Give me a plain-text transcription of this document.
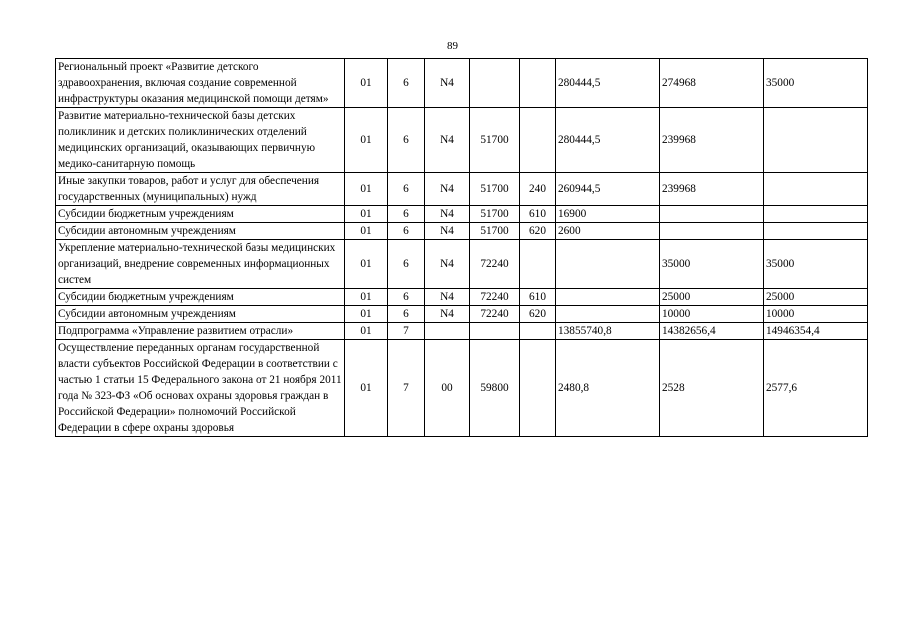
89
Региональный проект «Развитие детского здравоохранения, включая создание современной инфраструктуры оказания медицинской помощи детям»	01	6	N4			280444,5	274968	35000
Развитие материально-технической базы детских поликлиник и детских поликлинических отделений медицинских организаций, оказывающих первичную медико-санитарную помощь	01	6	N4	51700		280444,5	239968	
Иные закупки товаров, работ и услуг для обеспечения государственных (муниципальных) нужд	01	6	N4	51700	240	260944,5	239968	
Субсидии бюджетным учреждениям	01	6	N4	51700	610	16900		
Субсидии автономным учреждениям	01	6	N4	51700	620	2600		
Укрепление материально-технической базы медицинских организаций, внедрение современных информационных систем	01	6	N4	72240			35000	35000
Субсидии бюджетным учреждениям	01	6	N4	72240	610		25000	25000
Субсидии автономным учреждениям	01	6	N4	72240	620		10000	10000
Подпрограмма «Управление развитием отрасли»	01	7				13855740,8	14382656,4	14946354,4
Осуществление переданных органам государственной власти субъектов Российской Федерации в соответствии с частью 1 статьи 15 Федерального закона от 21 ноября 2011 года № 323-ФЗ «Об основах охраны здоровья граждан в Российской Федерации» полномочий Российской Федерации в сфере охраны здоровья	01	7	00	59800		2480,8	2528	2577,6
